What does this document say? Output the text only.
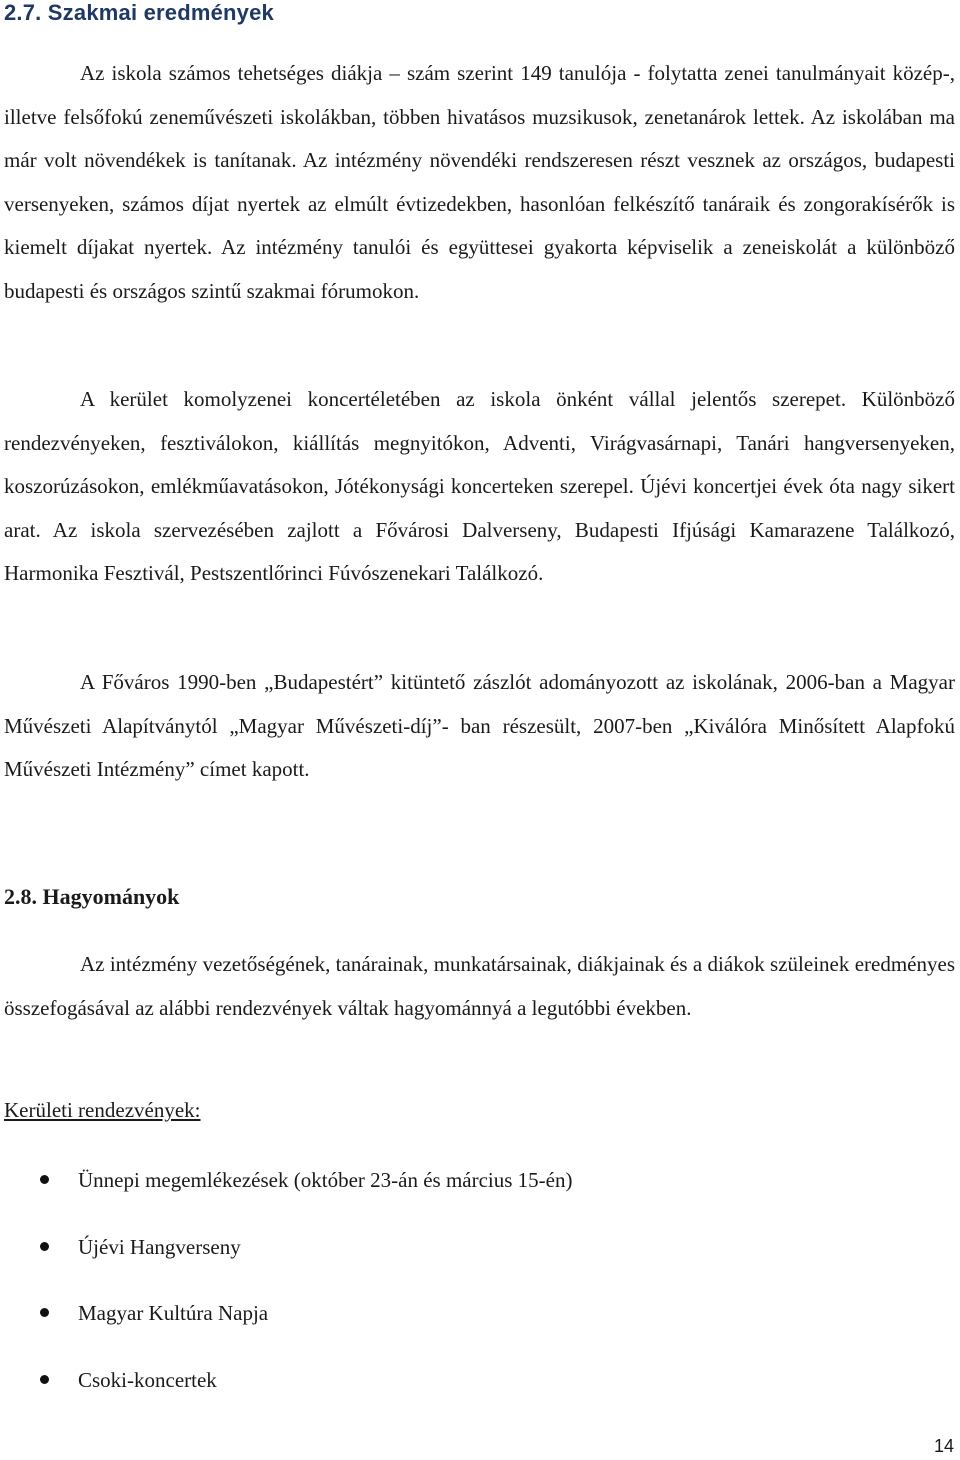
2.7. Szakmai eredmények

Az iskola számos tehetséges diákja – szám szerint 149 tanulója - folytatta zenei tanulmányait közép-, illetve felsőfokú zeneművészeti iskolákban, többen hivatásos muzsikusok, zenetanárok lettek. Az iskolában ma már volt növendékek is tanítanak. Az intézmény növendéki rendszeresen részt vesznek az országos, budapesti versenyeken, számos díjat nyertek az elmúlt évtizedekben, hasonlóan felkészítő tanáraik és zongorakísérők is kiemelt díjakat nyertek. Az intézmény tanulói és együttesei gyakorta képviselik a zeneiskolát a különböző budapesti és országos szintű szakmai fórumokon.

A kerület komolyzenei koncertéletében az iskola önként vállal jelentős szerepet. Különböző rendezvényeken, fesztiválokon, kiállítás megnyitókon, Adventi, Virágvasárnapi, Tanári hangversenyeken, koszorúzásokon, emlékműavatásokon, Jótékonysági koncerteken szerepel. Újévi koncertjei évek óta nagy sikert arat. Az iskola szervezésében zajlott a Fővárosi Dalverseny, Budapesti Ifjúsági Kamarazene Találkozó, Harmonika Fesztivál, Pestszentlőrinci Fúvószenekari Találkozó.

A Főváros 1990-ben „Budapestért” kitüntető zászlót adományozott az iskolának, 2006-ban a Magyar Művészeti Alapítványtól „Magyar Művészeti-díj”- ban részesült, 2007-ben „Kiválóra Minősített Alapfokú Művészeti Intézmény” címet kapott.

2.8. Hagyományok

Az intézmény vezetőségének, tanárainak, munkatársainak, diákjainak és a diákok szüleinek eredményes összefogásával az alábbi rendezvények váltak hagyománnyá a legutóbbi években.

Kerületi rendezvények:
Ünnepi megemlékezések (október 23-án és március 15-én)
Újévi Hangverseny
Magyar Kultúra Napja
Csoki-koncertek
14
